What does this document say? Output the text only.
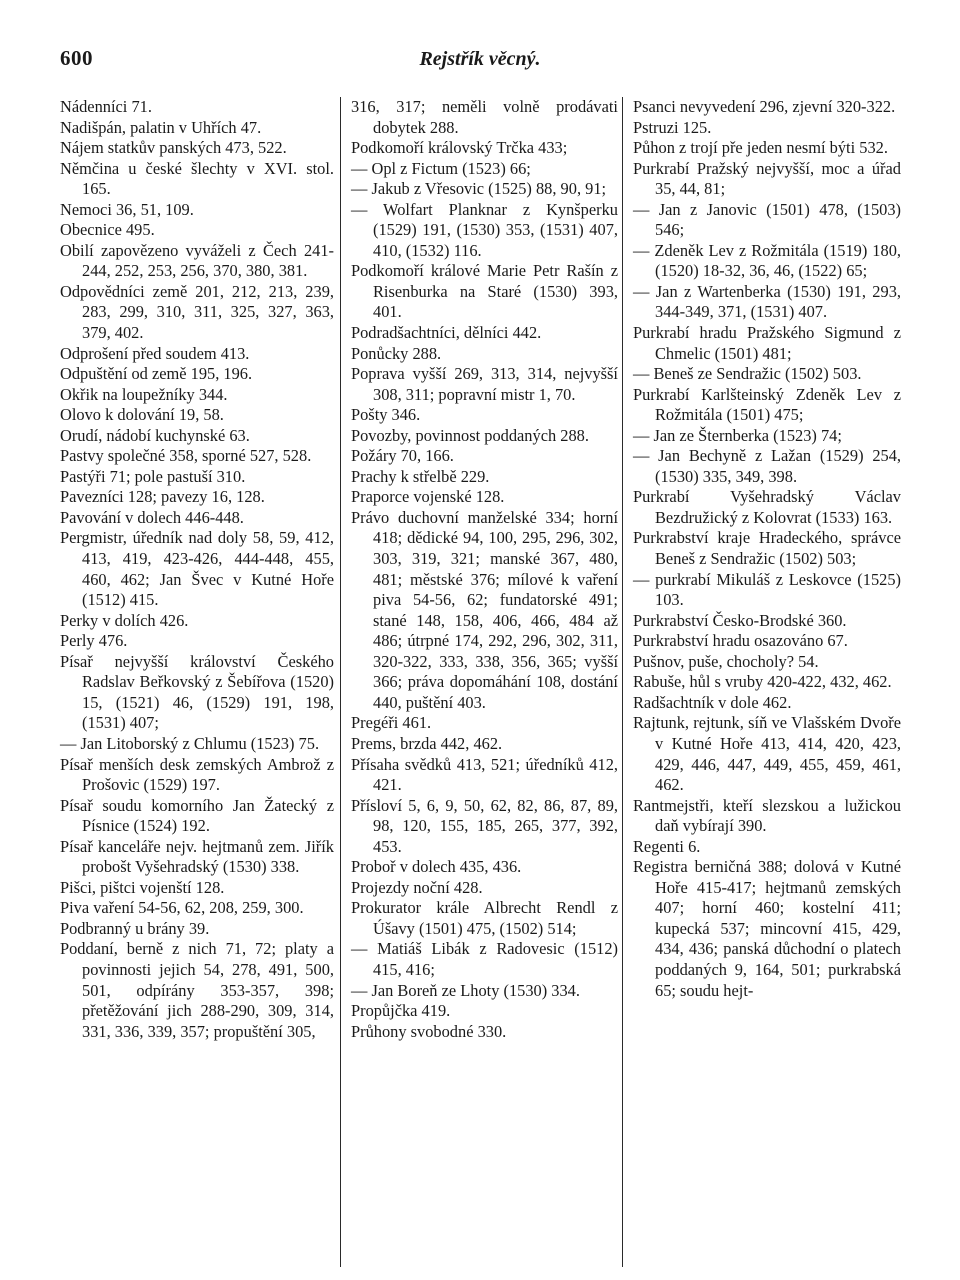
600	Rejstřík věcný.

Nádenníci 71.

Nadišpán, palatin v Uhřích 47.

Nájem statkův panských 473, 522.

Němčina u české šlechty v XVI. stol. 165.

Nemoci 36, 51, 109.

Obecnice 495.

Obilí zapovězeno vyváželi z Čech 241-244, 252, 253, 256, 370, 380, 381.

Odpovědníci země 201, 212, 213, 239, 283, 299, 310, 311, 325, 327, 363, 379, 402.

Odprošení před soudem 413.

Odpuštění od země 195, 196.

Okřik na loupežníky 344.

Olovo k dolování 19, 58.

Orudí, nádobí kuchynské 63.

Pastvy společné 358, sporné 527, 528.

Pastýři 71; pole pastuší 310.

Pavezníci 128; pavezy 16, 128.

Pavování v dolech 446-448.

Pergmistr, úředník nad doly 58, 59, 412, 413, 419, 423-426, 444-448, 455, 460, 462; Jan Švec v Kutné Hoře (1512) 415.

Perky v dolích 426.

Perly 476.

Písař nejvyšší království Českého Radslav Beřkovský z Šebířova (1520) 15, (1521) 46, (1529) 191, 198, (1531) 407;

— Jan Litoborský z Chlumu (1523) 75.

Písař menších desk zemských Ambrož z Prošovic (1529) 197.

Písař soudu komorního Jan Žatecký z Písnice (1524) 192.

Písař kanceláře nejv. hejtmanů zem. Jiřík probošt Vyšehradský (1530) 338.

Pišci, pištci vojenští 128.

Piva vaření 54-56, 62, 208, 259, 300.

Podbranný u brány 39.

Poddaní, berně z nich 71, 72; platy a povinnosti jejich 54, 278, 491, 500, 501, odpírány 353-357, 398; přetěžování jich 288-290, 309, 314, 331, 336, 339, 357; propuštění 305,

316, 317; neměli volně prodávati dobytek 288.

Podkomoří královský Trčka 433;

— Opl z Fictum (1523) 66;

— Jakub z Vřesovic (1525) 88, 90, 91;

— Wolfart Planknar z Kynšperku (1529) 191, (1530) 353, (1531) 407, 410, (1532) 116.

Podkomoří králové Marie Petr Rašín z Risenburka na Staré (1530) 393, 401.

Podradšachtníci, dělníci 442.

Ponůcky 288.

Poprava vyšší 269, 313, 314, nejvyšší 308, 311; popravní mistr 1, 70.

Pošty 346.

Povozby, povinnost poddaných 288.

Požáry 70, 166.

Prachy k střelbě 229.

Praporce vojenské 128.

Právo duchovní manželské 334; horní 418; dědické 94, 100, 295, 296, 302, 303, 319, 321; manské 367, 480, 481; městské 376; mílové k vaření piva 54-56, 62; fundatorské 491; stané 148, 158, 406, 466, 484 až 486; útrpné 174, 292, 296, 302, 311, 320-322, 333, 338, 356, 365; vyšší 366; práva dopomáhání 108, dostání 440, puštění 403.

Pregéři 461.

Prems, brzda 442, 462.

Přísaha svědků 413, 521; úředníků 412, 421.

Přísloví 5, 6, 9, 50, 62, 82, 86, 87, 89, 98, 120, 155, 185, 265, 377, 392, 453.

Proboř v dolech 435, 436.

Projezdy noční 428.

Prokurator krále Albrecht Rendl z Úšavy (1501) 475, (1502) 514;

— Matiáš Libák z Radovesic (1512) 415, 416;

— Jan Boreň ze Lhoty (1530) 334.

Propůjčka 419.

Průhony svobodné 330.

Psanci nevyvedení 296, zjevní 320-322.

Pstruzi 125.

Půhon z trojí pře jeden nesmí býti 532.

Purkrabí Pražský nejvyšší, moc a úřad 35, 44, 81;

— Jan z Janovic (1501) 478, (1503) 546;

— Zdeněk Lev z Rožmitála (1519) 180, (1520) 18-32, 36, 46, (1522) 65;

— Jan z Wartenberka (1530) 191, 293, 344-349, 371, (1531) 407.

Purkrabí hradu Pražského Sigmund z Chmelic (1501) 481;

— Beneš ze Sendražic (1502) 503.

Purkrabí Karlšteinský Zdeněk Lev z Rožmitála (1501) 475;

— Jan ze Šternberka (1523) 74;

— Jan Bechyně z Lažan (1529) 254, (1530) 335, 349, 398.

Purkrabí Vyšehradský Václav Bezdružický z Kolovrat (1533) 163.

Purkrabství kraje Hradeckého, správce Beneš z Sendražic (1502) 503;

— purkrabí Mikuláš z Leskovce (1525) 103.

Purkrabství Česko-Brodské 360.

Purkrabství hradu osazováno 67.

Pušnov, puše, chocholy? 54.

Rabuše, hůl s vruby 420-422, 432, 462.

Radšachtník v dole 462.

Rajtunk, rejtunk, síň ve Vlašském Dvoře v Kutné Hoře 413, 414, 420, 423, 429, 446, 447, 449, 455, 459, 461, 462.

Rantmejstři, kteří slezskou a lužickou daň vybírají 390.

Regenti 6.

Registra berničná 388; dolová v Kutné Hoře 415-417; hejtmanů zemských 407; horní 460; kostelní 411; kupecká 537; mincovní 415, 429, 434, 436; panská důchodní o platech poddaných 9, 164, 501; purkrabská 65; soudu hejt-
